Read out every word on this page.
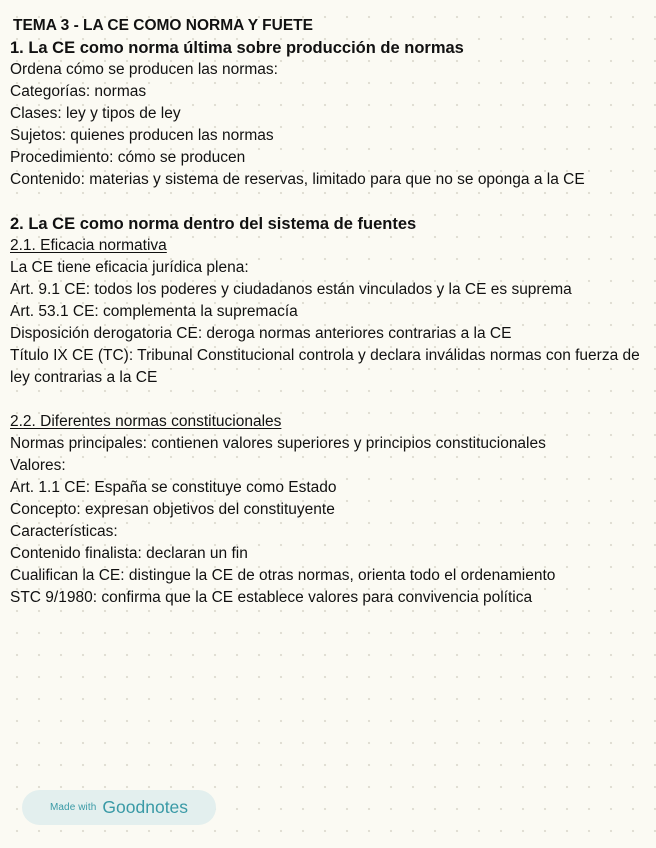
TEMA 3 - LA CE COMO NORMA Y FUETE
1. La CE como norma última sobre producción de normas
Ordena cómo se producen las normas:
Categorías: normas
Clases: ley y tipos de ley
Sujetos: quienes producen las normas
Procedimiento: cómo se producen
Contenido: materias y sistema de reservas, limitado para que no se oponga a la CE
2. La CE como norma dentro del sistema de fuentes
2.1. Eficacia normativa
La CE tiene eficacia jurídica plena:
Art. 9.1 CE: todos los poderes y ciudadanos están vinculados y la CE es suprema
Art. 53.1 CE: complementa la supremacía
Disposición derogatoria CE: deroga normas anteriores contrarias a la CE
Título IX CE (TC): Tribunal Constitucional controla y declara inválidas normas con fuerza de ley contrarias a la CE
2.2. Diferentes normas constitucionales
Normas principales: contienen valores superiores y principios constitucionales
Valores:
Art. 1.1 CE: España se constituye como Estado
Concepto: expresan objetivos del constituyente
Características:
Contenido finalista: declaran un fin
Cualifican la CE: distingue la CE de otras normas, orienta todo el ordenamiento
STC 9/1980: confirma que la CE establece valores para convivencia política
Made with Goodnotes
